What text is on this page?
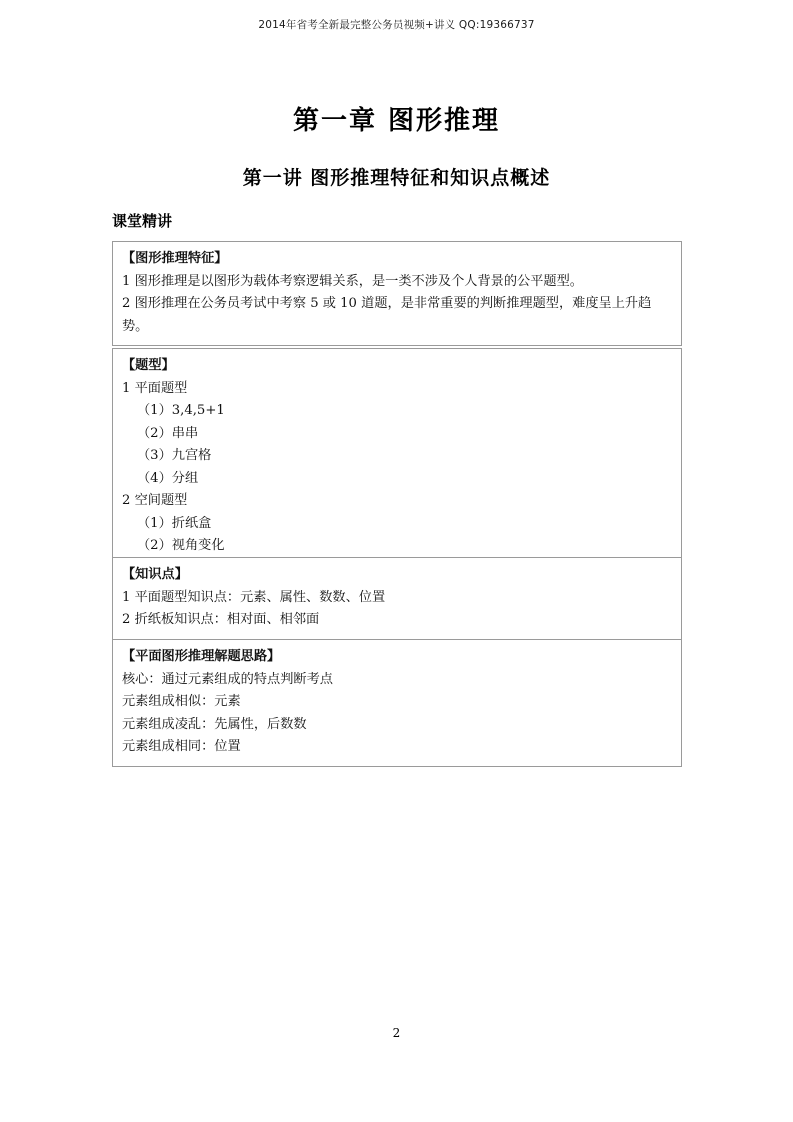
2014年省考全新最完整公务员视频+讲义 QQ:19366737
第一章 图形推理
第一讲 图形推理特征和知识点概述
课堂精讲
【图形推理特征】
1 图形推理是以图形为载体考察逻辑关系，是一类不涉及个人背景的公平题型。
2 图形推理在公务员考试中考察 5 或 10 道题，是非常重要的判断推理题型，难度呈上升趋
势。
【题型】
1 平面题型
（1）3,4,5+1
（2）串串
（3）九宫格
（4）分组
2 空间题型
（1）折纸盒
（2）视角变化
【知识点】
1 平面题型知识点：元素、属性、数数、位置
2 折纸板知识点：相对面、相邻面
【平面图形推理解题思路】
核心：通过元素组成的特点判断考点
元素组成相似：元素
元素组成凌乱：先属性，后数数
元素组成相同：位置
2
